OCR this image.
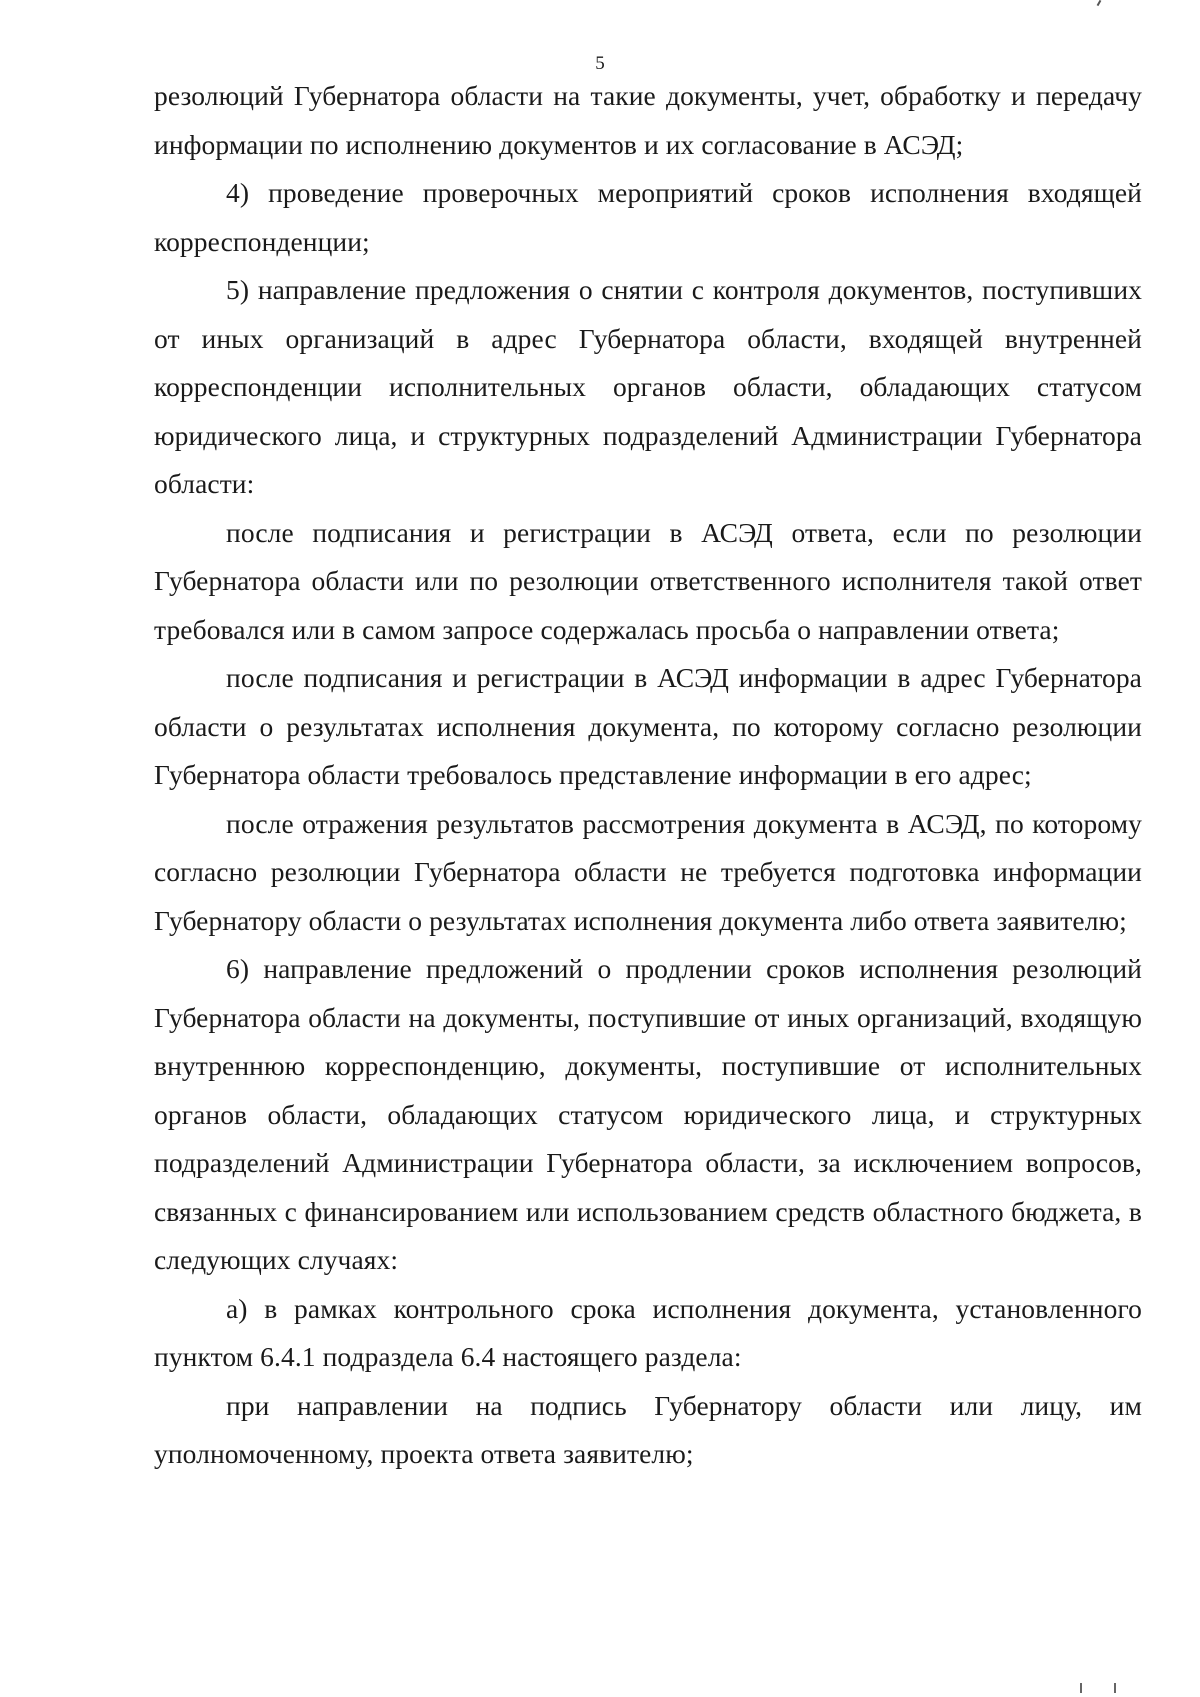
5

резолюций Губернатора области на такие документы, учет, обработку и передачу информации по исполнению документов и их согласование в АСЭД;

4) проведение проверочных мероприятий сроков исполнения входящей корреспонденции;

5) направление предложения о снятии с контроля документов, поступивших от иных организаций в адрес Губернатора области, входящей внутренней корреспонденции исполнительных органов области, обладающих статусом юридического лица, и структурных подразделений Администрации Губернатора области:

после подписания и регистрации в АСЭД ответа, если по резолюции Губернатора области или по резолюции ответственного исполнителя такой ответ требовался или в самом запросе содержалась просьба о направлении ответа;

после подписания и регистрации в АСЭД информации в адрес Губернатора области о результатах исполнения документа, по которому согласно резолюции Губернатора области требовалось представление информации в его адрес;

после отражения результатов рассмотрения документа в АСЭД, по которому согласно резолюции Губернатора области не требуется подготовка информации Губернатору области о результатах исполнения документа либо ответа заявителю;

6) направление предложений о продлении сроков исполнения резолюций Губернатора области на документы, поступившие от иных организаций, входящую внутреннюю корреспонденцию, документы, поступившие от исполнительных органов области, обладающих статусом юридического лица, и структурных подразделений Администрации Губернатора области, за исключением вопросов, связанных с финансированием или использованием средств областного бюджета, в следующих случаях:

а) в рамках контрольного срока исполнения документа, установленного пунктом 6.4.1 подраздела 6.4 настоящего раздела:

при направлении на подпись Губернатору области или лицу, им уполномоченному, проекта ответа заявителю;
